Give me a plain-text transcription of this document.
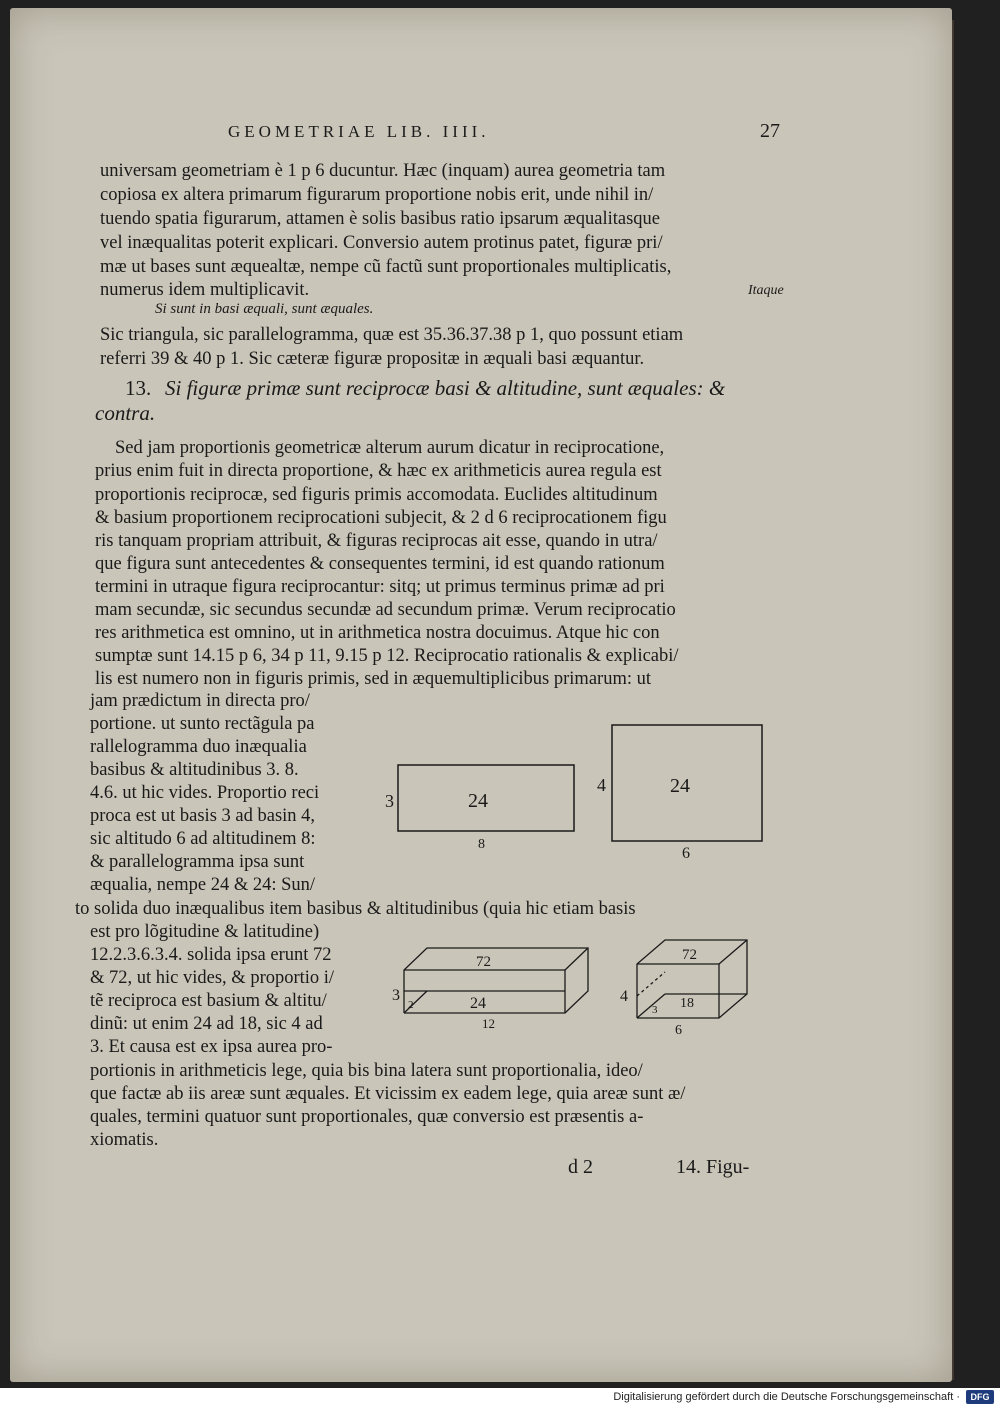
GEOMETRIAE LIB. IIII.	27
universam geometriam è 1 p 6 ducuntur. Hæc (inquam) aurea geometria tam
copiosa ex altera primarum figurarum proportione nobis erit, unde nihil in/
tuendo spatia figurarum, attamen è solis basibus ratio ipsarum æqualitasque
vel inæqualitas poterit explicari. Conversio autem protinus patet, figuræ pri/
mæ ut bases sunt æquealtæ, nempe cũ factũ sunt proportionales multiplicatis,
numerus idem multiplicavit.	Itaque
Si sunt in basi æquali, sunt æquales.
Sic triangula, sic parallelogramma, quæ est 35.36.37.38 p 1, quo possunt etiam
referri 39 & 40 p 1. Sic cæteræ figuræ propositæ in æquali basi æquantur.
13. Si figuræ primæ sunt reciprocæ basi & altitudine, sunt æquales: &
contra.
Sed jam proportionis geometricæ alterum aurum dicatur in reciprocatione,
prius enim fuit in directa proportione, & hæc ex arithmeticis aurea regula est
proportionis reciprocæ, sed figuris primis accomodata. Euclides altitudinum
& basium proportionem reciprocationi subjecit, & 2 d 6 reciprocationem figu
ris tanquam propriam attribuit, & figuras reciprocas ait esse, quando in utra/
que figura sunt antecedentes & consequentes termini, id est quando rationum
termini in utraque figura reciprocantur: sitq; ut primus terminus primæ ad pri
mam secundæ, sic secundus secundæ ad secundum primæ. Verum reciprocatio
res arithmetica est omnino, ut in arithmetica nostra docuimus. Atque hic con
sumptæ sunt 14.15 p 6, 34 p 11, 9.15 p 12. Reciprocatio rationalis & explicabi/
lis est numero non in figuris primis, sed in æquemultiplicibus primarum: ut
jam prædictum in directa pro/
portione. ut sunto rectãgula pa
rallelogramma duo inæqualia
basibus & altitudinibus 3. 8.
4.6. ut hic vides. Proportio reci
proca est ut basis 3 ad basin 4,
sic altitudo 6 ad altitudinem 8:
& parallelogramma ipsa sunt
æqualia, nempe 24 & 24: Sun/
to solida duo inæqualibus item basibus & altitudinibus (quia hic etiam basis
est pro lõgitudine & latitudine)
12.2.3.6.3.4. solida ipsa erunt 72
& 72, ut hic vides, & proportio i/
tẽ reciproca est basium & altitu/
dinũ: ut enim 24 ad 18, sic 4 ad
3. Et causa est ex ipsa aurea pro-
portionis in arithmeticis lege, quia bis bina latera sunt proportionalia, ideo/
que factæ ab iis areæ sunt æquales. Et vicissim ex eadem lege, quia areæ sunt æ/
quales, termini quatuor sunt proportionales, quæ conversio est præsentis a-
xiomatis.
3
8
24
4
6
24
72
24
2
3
12
72
18
3
4
6
d 2	14. Figu-
Digitalisierung gefördert durch die Deutsche Forschungsgemeinschaft ·	DFG
